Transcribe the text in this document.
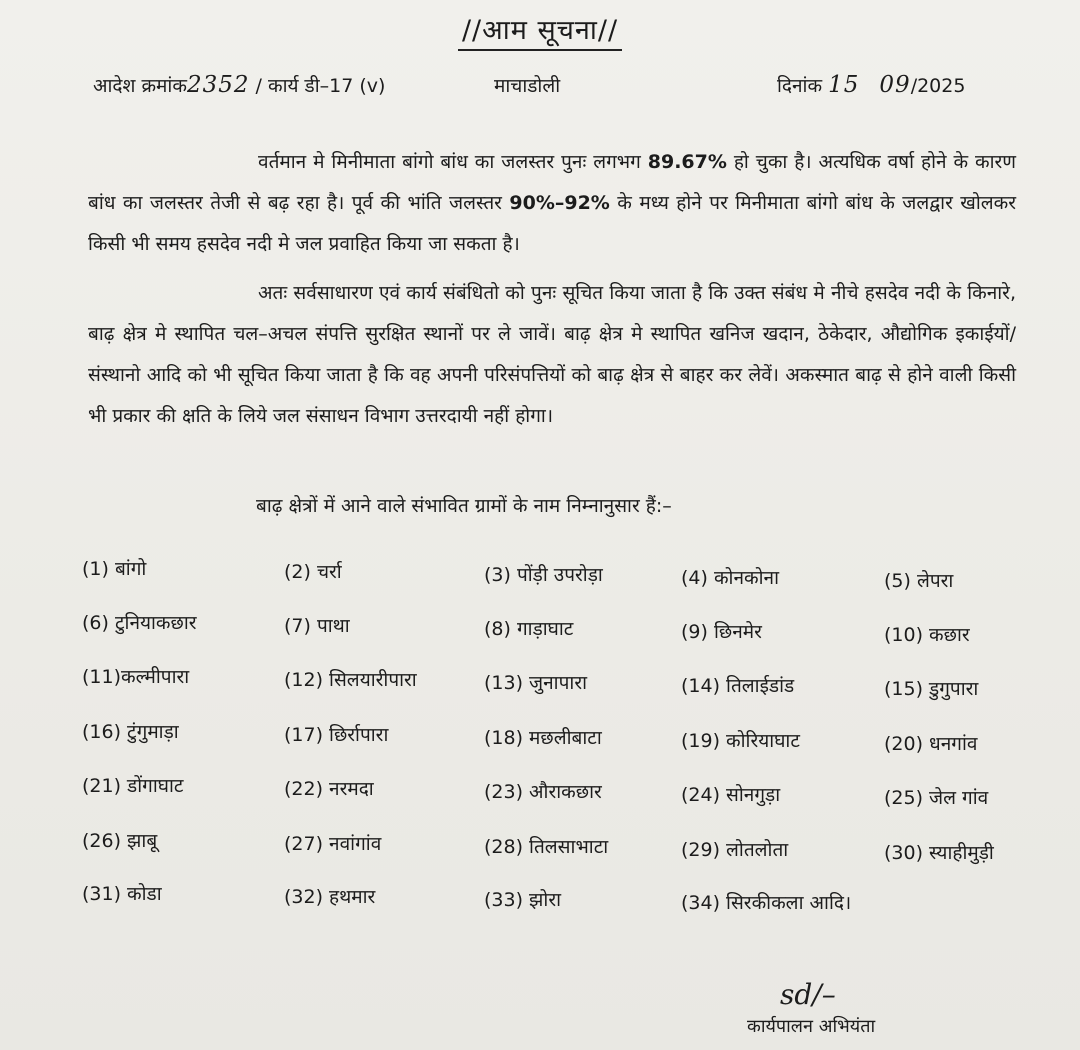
//आम सूचना//
आदेश क्रमांक2352 / कार्य डी–17 (v)	माचाडोली	दिनांक 15 09/2025

वर्तमान मे मिनीमाता बांगो बांध का जलस्तर पुनः लगभग 89.67% हो चुका है। अत्यधिक वर्षा होने के कारण बांध का जलस्तर तेजी से बढ़ रहा है। पूर्व की भांति जलस्तर 90%–92% के मध्य होने पर मिनीमाता बांगो बांध के जलद्वार खोलकर किसी भी समय हसदेव नदी मे जल प्रवाहित किया जा सकता है।

अतः सर्वसाधारण एवं कार्य संबंधितो को पुनः सूचित किया जाता है कि उक्त संबंध मे नीचे हसदेव नदी के किनारे, बाढ़ क्षेत्र मे स्थापित चल–अचल संपत्ति सुरक्षित स्थानों पर ले जावें। बाढ़ क्षेत्र मे स्थापित खनिज खदान, ठेकेदार, औद्योगिक इकाईयों/संस्थानो आदि को भी सूचित किया जाता है कि वह अपनी परिसंपत्तियों को बाढ़ क्षेत्र से बाहर कर लेवें। अकस्मात बाढ़ से होने वाली किसी भी प्रकार की क्षति के लिये जल संसाधन विभाग उत्तरदायी नहीं होगा।

बाढ़ क्षेत्रों में आने वाले संभावित ग्रामों के नाम निम्नानुसार हैं:–
(1) बांगो	(2) चर्रा	(3) पोंड़ी उपरोड़ा	(4) कोनकोना	(5) लेपरा
(6) टुनियाकछार	(7) पाथा	(8) गाड़ाघाट	(9) छिनमेर	(10) कछार
(11)कल्मीपारा	(12) सिलयारीपारा	(13) जुनापारा	(14) तिलाईडांड	(15) डुगुपारा
(16) टुंगुमाड़ा	(17) छिर्रापारा	(18) मछलीबाटा	(19) कोरियाघाट	(20) धनगांव
(21) डोंगाघाट	(22) नरमदा	(23) औराकछार	(24) सोनगुड़ा	(25) जेल गांव
(26) झाबू	(27) नवांगांव	(28) तिलसाभाटा	(29) लोतलोता	(30) स्याहीमुड़ी
(31) कोडा	(32) हथमार	(33) झोरा	(34) सिरकीकला आदि।
sd/–
कार्यपालन अभियंता
